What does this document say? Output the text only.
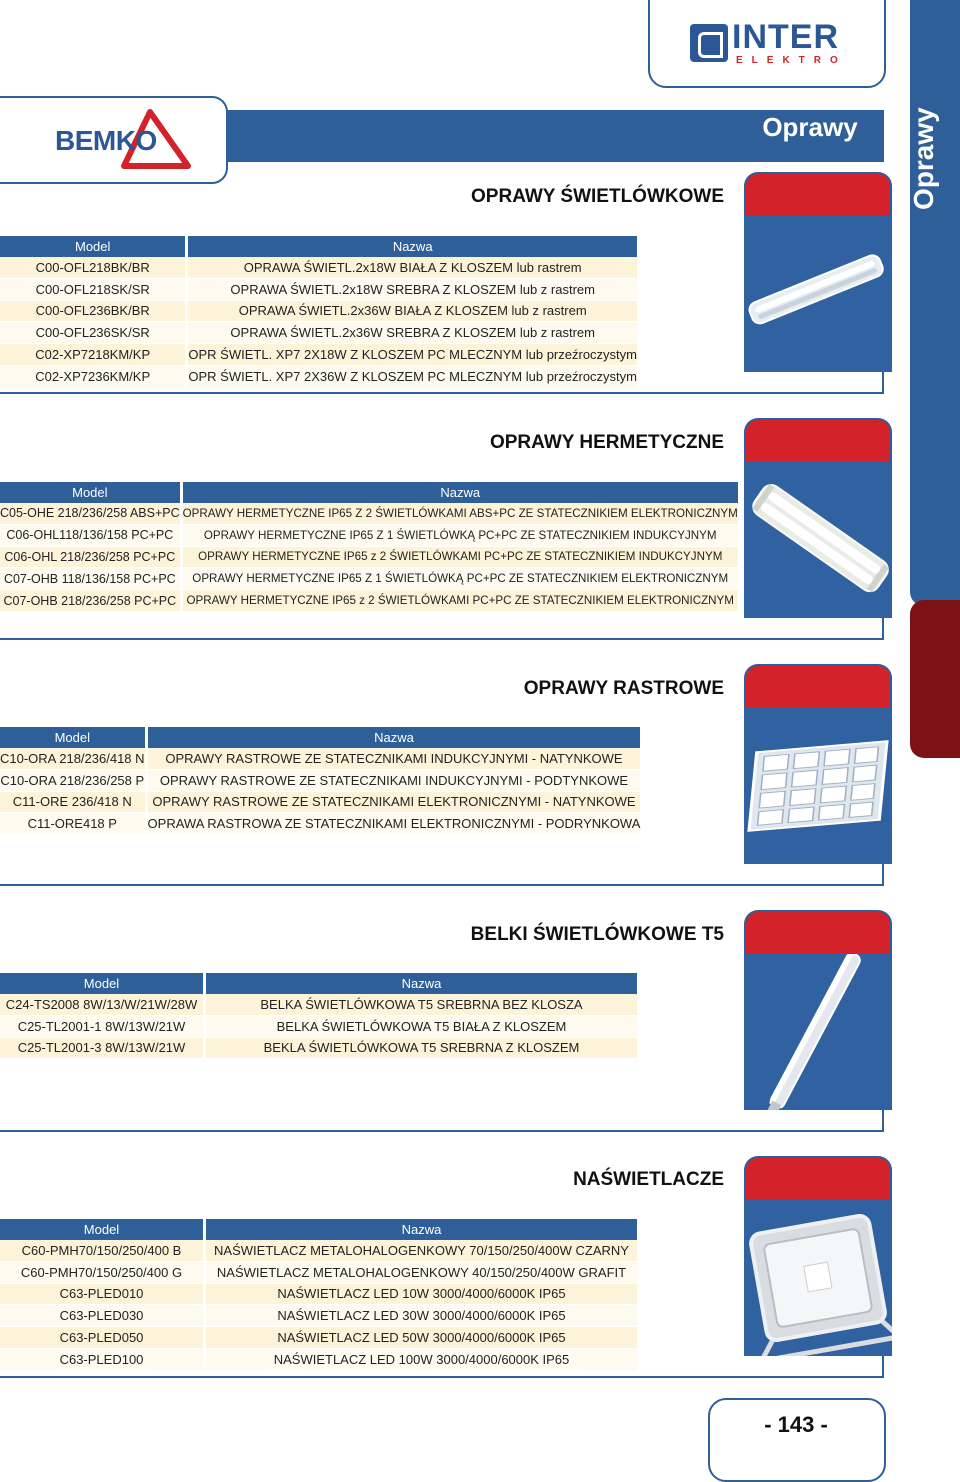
Oprawy
Oprawy
INTER
ELEKTRO
BEMKO
OPRAWY ŚWIETLÓWKOWE
Model	Nazwa
C00-OFL218BK/BR	OPRAWA ŚWIETL.2x18W BIAŁA Z KLOSZEM lub rastrem
C00-OFL218SK/SR	OPRAWA ŚWIETL.2x18W SREBRA Z KLOSZEM lub z rastrem
C00-OFL236BK/BR	OPRAWA ŚWIETL.2x36W BIAŁA Z KLOSZEM lub z rastrem
C00-OFL236SK/SR	OPRAWA ŚWIETL.2x36W SREBRA Z KLOSZEM lub z rastrem
C02-XP7218KM/KP	OPR ŚWIETL. XP7 2X18W Z KLOSZEM PC MLECZNYM lub przeźroczystym
C02-XP7236KM/KP	OPR ŚWIETL. XP7 2X36W Z KLOSZEM PC MLECZNYM lub przeźroczystym
OPRAWY HERMETYCZNE
Model	Nazwa
C05-OHE 218/236/258 ABS+PC	OPRAWY HERMETYCZNE IP65 Z 2 ŚWIETLÓWKAMI ABS+PC ZE STATECZNIKIEM ELEKTRONICZNYM
C06-OHL118/136/158 PC+PC	OPRAWY HERMETYCZNE IP65 Z 1 ŚWIETLÓWKĄ PC+PC ZE STATECZNIKIEM INDUKCYJNYM
C06-OHL 218/236/258 PC+PC	OPRAWY HERMETYCZNE IP65 z 2 ŚWIETLÓWKAMI PC+PC ZE STATECZNIKIEM INDUKCYJNYM
C07-OHB 118/136/158 PC+PC	OPRAWY HERMETYCZNE IP65 Z 1 ŚWIETLÓWKĄ PC+PC ZE STATECZNIKIEM ELEKTRONICZNYM
C07-OHB 218/236/258 PC+PC	OPRAWY HERMETYCZNE IP65 z 2 ŚWIETLÓWKAMI PC+PC ZE STATECZNIKIEM ELEKTRONICZNYM
OPRAWY RASTROWE
Model	Nazwa
C10-ORA 218/236/418 N	OPRAWY RASTROWE ZE STATECZNIKAMI INDUKCYJNYMI - NATYNKOWE
C10-ORA 218/236/258 P	OPRAWY RASTROWE ZE STATECZNIKAMI INDUKCYJNYMI - PODTYNKOWE
C11-ORE 236/418 N	OPRAWY RASTROWE ZE STATECZNIKAMI ELEKTRONICZNYMI - NATYNKOWE
C11-ORE418 P	OPRAWA RASTROWA ZE STATECZNIKAMI ELEKTRONICZNYMI - PODRYNKOWA
BELKI ŚWIETLÓWKOWE T5
Model	Nazwa
C24-TS2008 8W/13/W/21W/28W	BELKA ŚWIETLÓWKOWA T5 SREBRNA BEZ KLOSZA
C25-TL2001-1 8W/13W/21W	BELKA ŚWIETLÓWKOWA T5 BIAŁA Z KLOSZEM
C25-TL2001-3 8W/13W/21W	BEKLA ŚWIETLÓWKOWA T5 SREBRNA Z KLOSZEM
NAŚWIETLACZE
Model	Nazwa
C60-PMH70/150/250/400 B	NAŚWIETLACZ METALOHALOGENKOWY 70/150/250/400W CZARNY
C60-PMH70/150/250/400 G	NAŚWIETLACZ METALOHALOGENKOWY 40/150/250/400W GRAFIT
C63-PLED010	NAŚWIETLACZ LED 10W 3000/4000/6000K IP65
C63-PLED030	NAŚWIETLACZ LED 30W 3000/4000/6000K IP65
C63-PLED050	NAŚWIETLACZ LED 50W 3000/4000/6000K IP65
C63-PLED100	NAŚWIETLACZ LED 100W 3000/4000/6000K IP65
- 143 -
